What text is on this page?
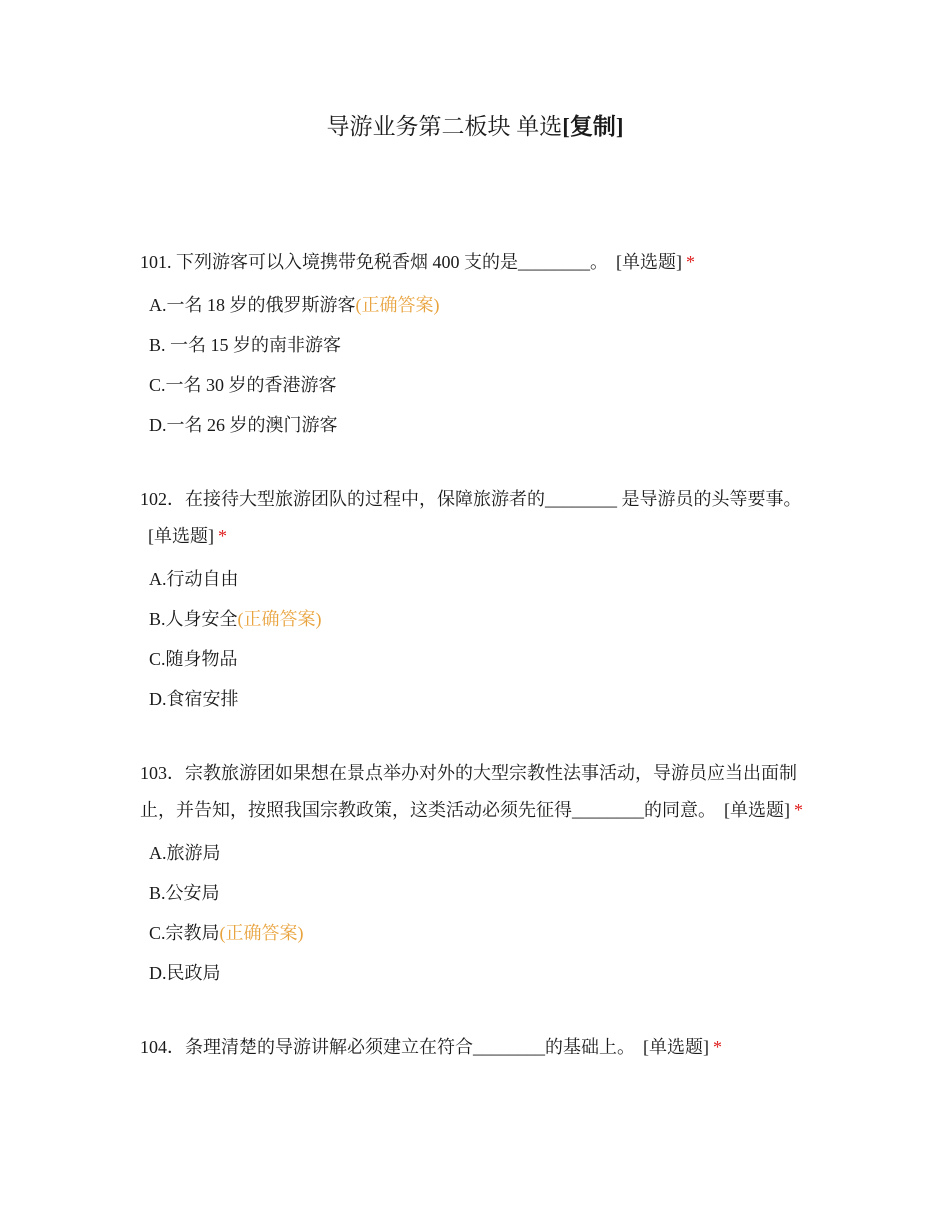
导游业务第二板块 单选[复制]
101. 下列游客可以入境携带免税香烟 400 支的是________。 [单选题] *
A.一名 18 岁的俄罗斯游客(正确答案)
B. 一名 15 岁的南非游客
C.一名 30 岁的香港游客
D.一名 26 岁的澳门游客
102．在接待大型旅游团队的过程中，保障旅游者的________ 是导游员的头等要事。[单选题] *
A.行动自由
B.人身安全(正确答案)
C.随身物品
D.食宿安排
103．宗教旅游团如果想在景点举办对外的大型宗教性法事活动，导游员应当出面制止，并告知，按照我国宗教政策，这类活动必须先征得________的同意。 [单选题] *
A.旅游局
B.公安局
C.宗教局(正确答案)
D.民政局
104．条理清楚的导游讲解必须建立在符合________的基础上。 [单选题] *
